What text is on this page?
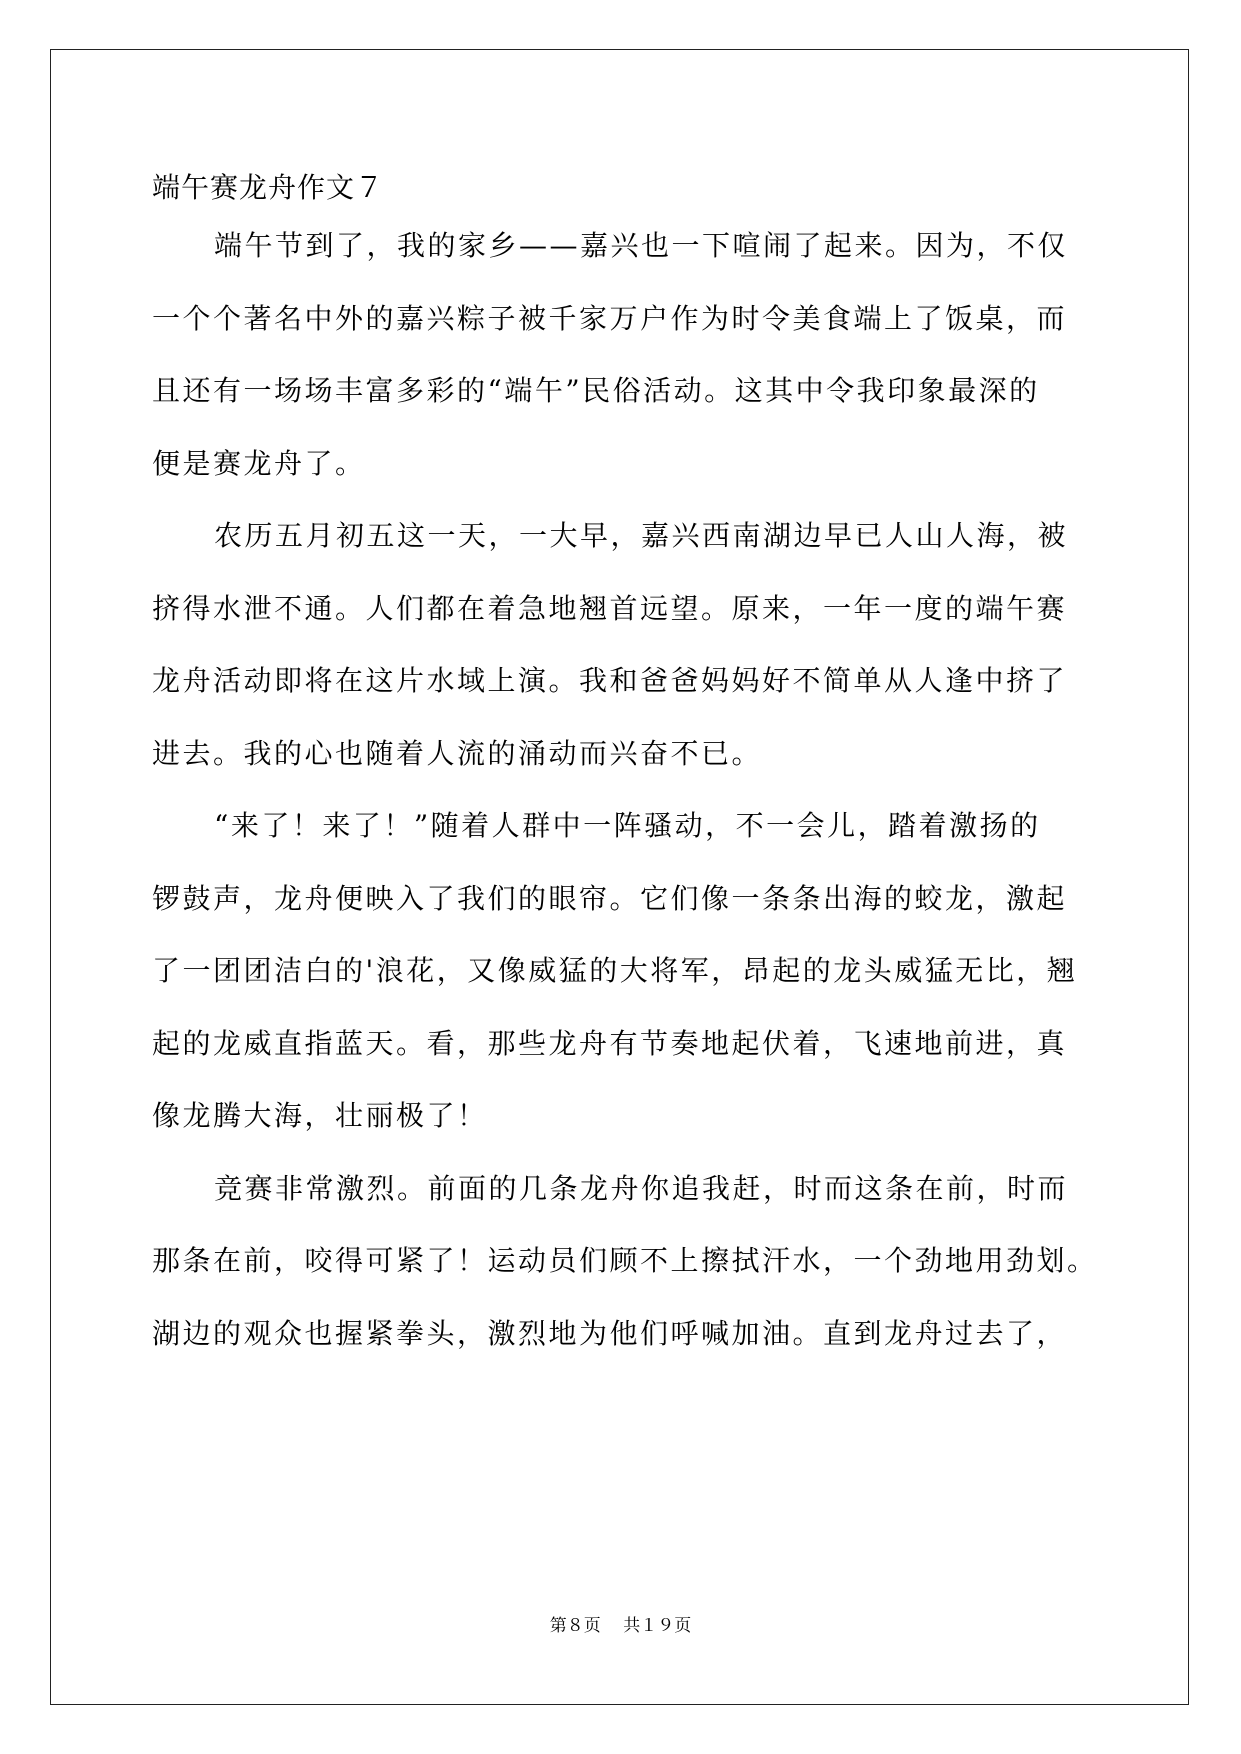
端午赛龙舟作文７
端午节到了，我的家乡——嘉兴也一下喧闹了起来。因为，不仅
一个个著名中外的嘉兴粽子被千家万户作为时令美食端上了饭桌，而
且还有一场场丰富多彩的“端午”民俗活动。这其中令我印象最深的
便是赛龙舟了。
农历五月初五这一天，一大早，嘉兴西南湖边早已人山人海，被
挤得水泄不通。人们都在着急地翘首远望。原来，一年一度的端午赛
龙舟活动即将在这片水域上演。我和爸爸妈妈好不简单从人逢中挤了
进去。我的心也随着人流的涌动而兴奋不已。
“来了！来了！”随着人群中一阵骚动，不一会儿，踏着激扬的
锣鼓声，龙舟便映入了我们的眼帘。它们像一条条出海的蛟龙，激起
了一团团洁白的'浪花，又像威猛的大将军，昂起的龙头威猛无比，翘
起的龙威直指蓝天。看，那些龙舟有节奏地起伏着，飞速地前进，真
像龙腾大海，壮丽极了！
竞赛非常激烈。前面的几条龙舟你追我赶，时而这条在前，时而
那条在前，咬得可紧了！运动员们顾不上擦拭汗水，一个劲地用劲划。
湖边的观众也握紧拳头，激烈地为他们呼喊加油。直到龙舟过去了，
第８页　 共１９页
